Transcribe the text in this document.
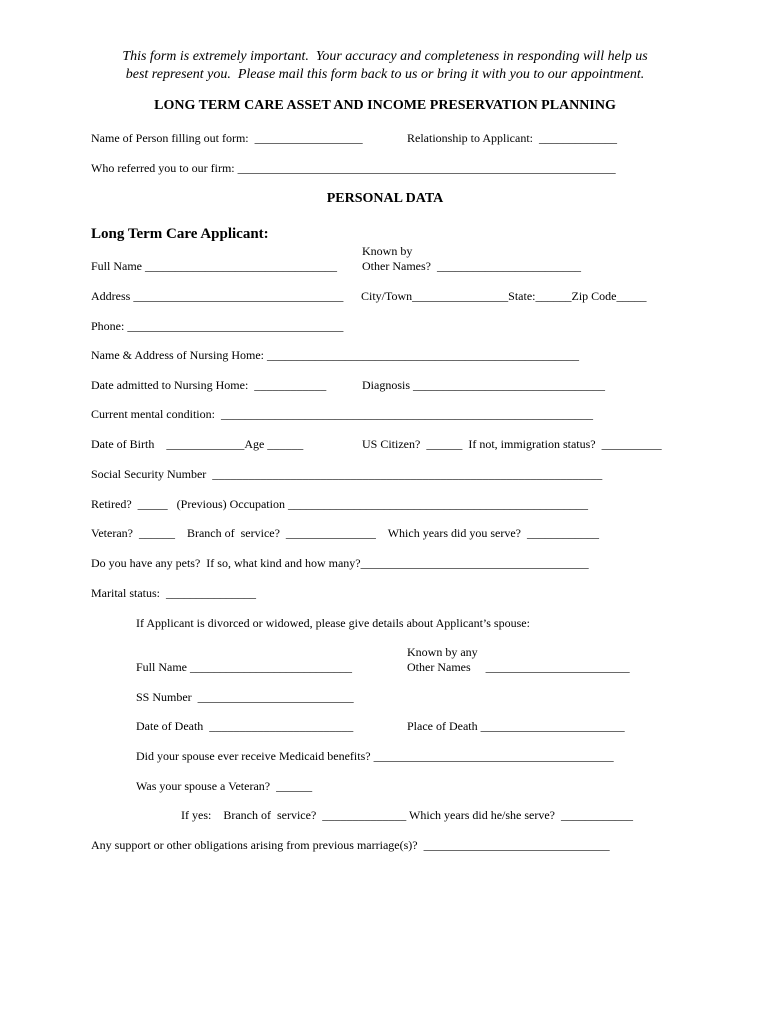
This form is extremely important.  Your accuracy and completeness in responding will help us
best represent you.  Please mail this form back to us or bring it with you to our appointment.
LONG TERM CARE ASSET AND INCOME PRESERVATION PLANNING

Name of Person filling out form:  __________________	Relationship to Applicant:  _____________

Who referred you to our firm: _______________________________________________________________

PERSONAL DATA
Long Term Care Applicant:

Full Name ________________________________

Known by

Other Names?  ________________________

Address ___________________________________ City/Town________________State:______Zip Code_____

Phone: ____________________________________

Name & Address of Nursing Home: ____________________________________________________

Date admitted to Nursing Home:  ____________	Diagnosis ________________________________

Current mental condition:  ______________________________________________________________

Date of Birth    _____________Age ______	US Citizen?  ______  If not, immigration status?  __________

Social Security Number  _________________________________________________________________

Retired?  _____   (Previous) Occupation __________________________________________________

Veteran?  ______    Branch of  service?  _______________    Which years did you serve?  ____________

Do you have any pets?  If so, what kind and how many?______________________________________

Marital status:  _______________

If Applicant is divorced or widowed, please give details about Applicant’s spouse:

Known by any

Full Name ___________________________	Other Names     ________________________

SS Number  __________________________

Date of Death  ________________________	Place of Death ________________________

Did your spouse ever receive Medicaid benefits? ________________________________________

Was your spouse a Veteran?  ______

If yes:    Branch of  service?  ______________ Which years did he/she serve?  ____________

Any support or other obligations arising from previous marriage(s)?  _______________________________
